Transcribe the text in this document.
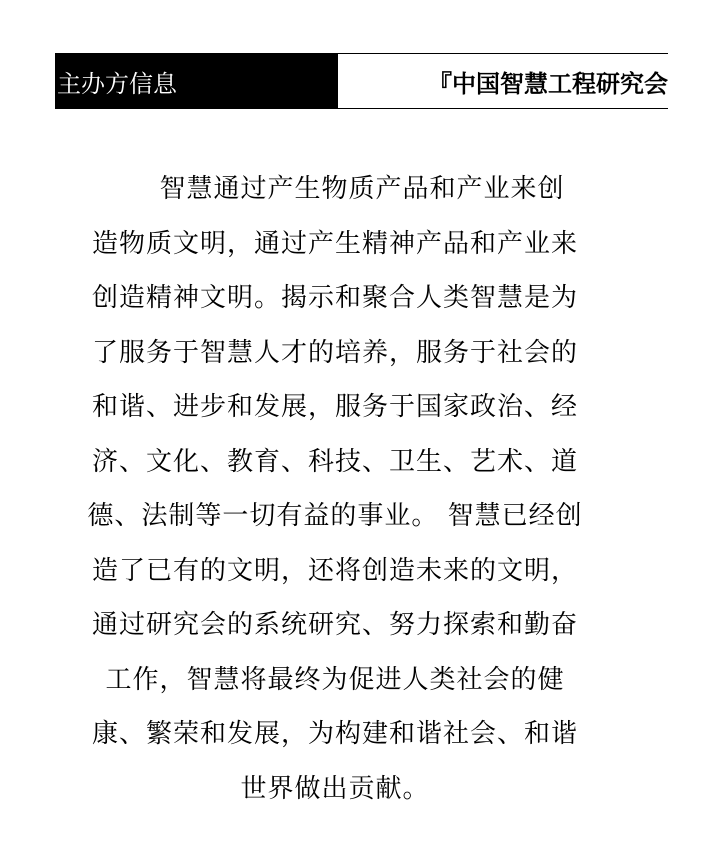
主办方信息	『中国智慧工程研究会
　　智慧通过产生物质产品和产业来创
造物质文明，通过产生精神产品和产业来
创造精神文明。揭示和聚合人类智慧是为
了服务于智慧人才的培养，服务于社会的
和谐、进步和发展，服务于国家政治、经
济、文化、教育、科技、卫生、艺术、道
德、法制等一切有益的事业。 智慧已经创
造了已有的文明，还将创造未来的文明，
通过研究会的系统研究、努力探索和勤奋
工作，智慧将最终为促进人类社会的健
康、繁荣和发展，为构建和谐社会、和谐
世界做出贡献。
